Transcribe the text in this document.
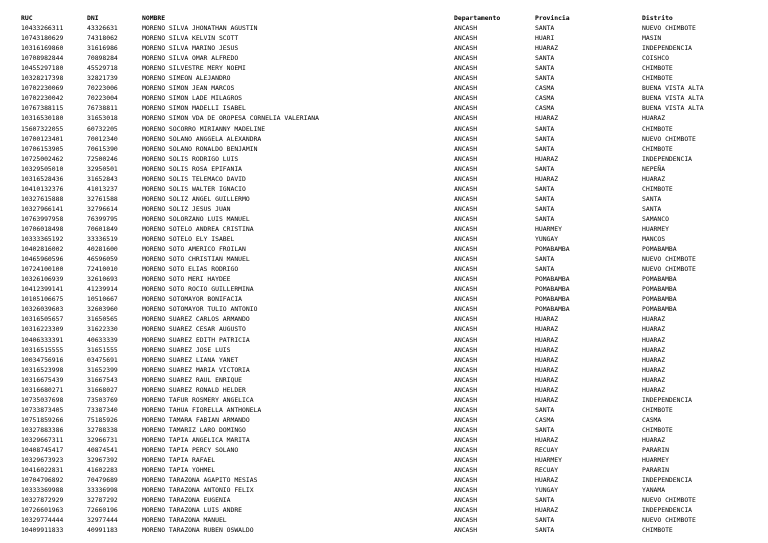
RUC	DNI	NOMBRE	Departamento	Provincia	Distrito
10433266311	43326631	MORENO SILVA JHONATHAN AGUSTIN	ANCASH	SANTA	NUEVO CHIMBOTE
10743180629	74318062	MORENO SILVA KELVIN SCOTT	ANCASH	HUARI	MASIN
10316169860	31616986	MORENO SILVA MARINO JESUS	ANCASH	HUARAZ	INDEPENDENCIA
10708982844	70898284	MORENO SILVA OMAR ALFREDO	ANCASH	SANTA	COISHCO
10455297180	45529718	MORENO SILVESTRE MERY NOEMI	ANCASH	SANTA	CHIMBOTE
10328217398	32821739	MORENO SIMEON ALEJANDRO	ANCASH	SANTA	CHIMBOTE
10702230069	70223006	MORENO SIMON JEAN MARCOS	ANCASH	CASMA	BUENA VISTA ALTA
10702230042	70223004	MORENO SIMON LADE MILAGROS	ANCASH	CASMA	BUENA VISTA ALTA
10767388115	76738811	MORENO SIMON MADELLI ISABEL	ANCASH	CASMA	BUENA VISTA ALTA
10316530180	31653018	MORENO SIMON VDA DE OROPESA CORNELIA VALERIANA	ANCASH	HUARAZ	HUARAZ
15607322055	60732205	MORENO SOCORRO MIRIANNY MADELINE	ANCASH	SANTA	CHIMBOTE
10700123401	70012340	MORENO SOLANO ANGGELA ALEXANDRA	ANCASH	SANTA	NUEVO CHIMBOTE
10706153905	70615390	MORENO SOLANO RONALDO BENJAMIN	ANCASH	SANTA	CHIMBOTE
10725002462	72500246	MORENO SOLIS RODRIGO LUIS	ANCASH	HUARAZ	INDEPENDENCIA
10329505010	32950501	MORENO SOLIS ROSA EPIFANIA	ANCASH	SANTA	NEPEÑA
10316528436	31652843	MORENO SOLIS TELEMACO DAVID	ANCASH	HUARAZ	HUARAZ
10410132376	41013237	MORENO SOLIS WALTER IGNACIO	ANCASH	SANTA	CHIMBOTE
10327615888	32761588	MORENO SOLIZ ANGEL GUILLERMO	ANCASH	SANTA	SANTA
10327966141	32796614	MORENO SOLIZ JESUS JUAN	ANCASH	SANTA	SANTA
10763997958	76399795	MORENO SOLORZANO LUIS MANUEL	ANCASH	SANTA	SAMANCO
10706018498	70601849	MORENO SOTELO ANDREA CRISTINA	ANCASH	HUARMEY	HUARMEY
10333365192	33336519	MORENO SOTELO ELY ISABEL	ANCASH	YUNGAY	MANCOS
10402816002	40281600	MORENO SOTO AMERICO FROILAN	ANCASH	POMABAMBA	POMABAMBA
10465960596	46596059	MORENO SOTO CHRISTIAN MANUEL	ANCASH	SANTA	NUEVO CHIMBOTE
10724100100	72410010	MORENO SOTO ELIAS RODRIGO	ANCASH	SANTA	NUEVO CHIMBOTE
10326106939	32610693	MORENO SOTO MERI HAYDEE	ANCASH	POMABAMBA	POMABAMBA
10412399141	41239914	MORENO SOTO ROCIO GUILLERMINA	ANCASH	POMABAMBA	POMABAMBA
10105106675	10510667	MORENO SOTOMAYOR BONIFACIA	ANCASH	POMABAMBA	POMABAMBA
10326039603	32603960	MORENO SOTOMAYOR TULIO ANTONIO	ANCASH	POMABAMBA	POMABAMBA
10316505657	31650565	MORENO SUAREZ CARLOS ARMANDO	ANCASH	HUARAZ	HUARAZ
10316223309	31622330	MORENO SUAREZ CESAR AUGUSTO	ANCASH	HUARAZ	HUARAZ
10406333391	40633339	MORENO SUAREZ EDITH PATRICIA	ANCASH	HUARAZ	HUARAZ
10316515555	31651555	MORENO SUAREZ JOSE LUIS	ANCASH	HUARAZ	HUARAZ
10034756916	03475691	MORENO SUAREZ LIANA YANET	ANCASH	HUARAZ	HUARAZ
10316523998	31652399	MORENO SUAREZ MARIA VICTORIA	ANCASH	HUARAZ	HUARAZ
10316675439	31667543	MORENO SUAREZ RAUL ENRIQUE	ANCASH	HUARAZ	HUARAZ
10316680271	31668027	MORENO SUAREZ RONALD HELDER	ANCASH	HUARAZ	HUARAZ
10735037698	73503769	MORENO TAFUR ROSMERY ANGELICA	ANCASH	HUARAZ	INDEPENDENCIA
10733873405	73387340	MORENO TAHUA FIORELLA ANTHONELA	ANCASH	SANTA	CHIMBOTE
10751859266	75185926	MORENO TAMARA FABIAN ARMANDO	ANCASH	CASMA	CASMA
10327883386	32788338	MORENO TAMARIZ LARO DOMINGO	ANCASH	SANTA	CHIMBOTE
10329667311	32966731	MORENO TAPIA ANGELICA MARITA	ANCASH	HUARAZ	HUARAZ
10408745417	40874541	MORENO TAPIA PERCY SOLANO	ANCASH	RECUAY	PARARIN
10329673923	32967392	MORENO TAPIA RAFAEL	ANCASH	HUARMEY	HUARMEY
10416022831	41602283	MORENO TAPIA YOHMEL	ANCASH	RECUAY	PARARIN
10704796892	70479689	MORENO TARAZONA AGAPITO MESIAS	ANCASH	HUARAZ	INDEPENDENCIA
10333369988	33336998	MORENO TARAZONA ANTONIO FELIX	ANCASH	YUNGAY	YANAMA
10327872929	32787292	MORENO TARAZONA EUGENIA	ANCASH	SANTA	NUEVO CHIMBOTE
10726601963	72660196	MORENO TARAZONA LUIS ANDRE	ANCASH	HUARAZ	INDEPENDENCIA
10329774444	32977444	MORENO TARAZONA MANUEL	ANCASH	SANTA	NUEVO CHIMBOTE
10409911833	40991183	MORENO TARAZONA RUBEN OSWALDO	ANCASH	SANTA	CHIMBOTE
